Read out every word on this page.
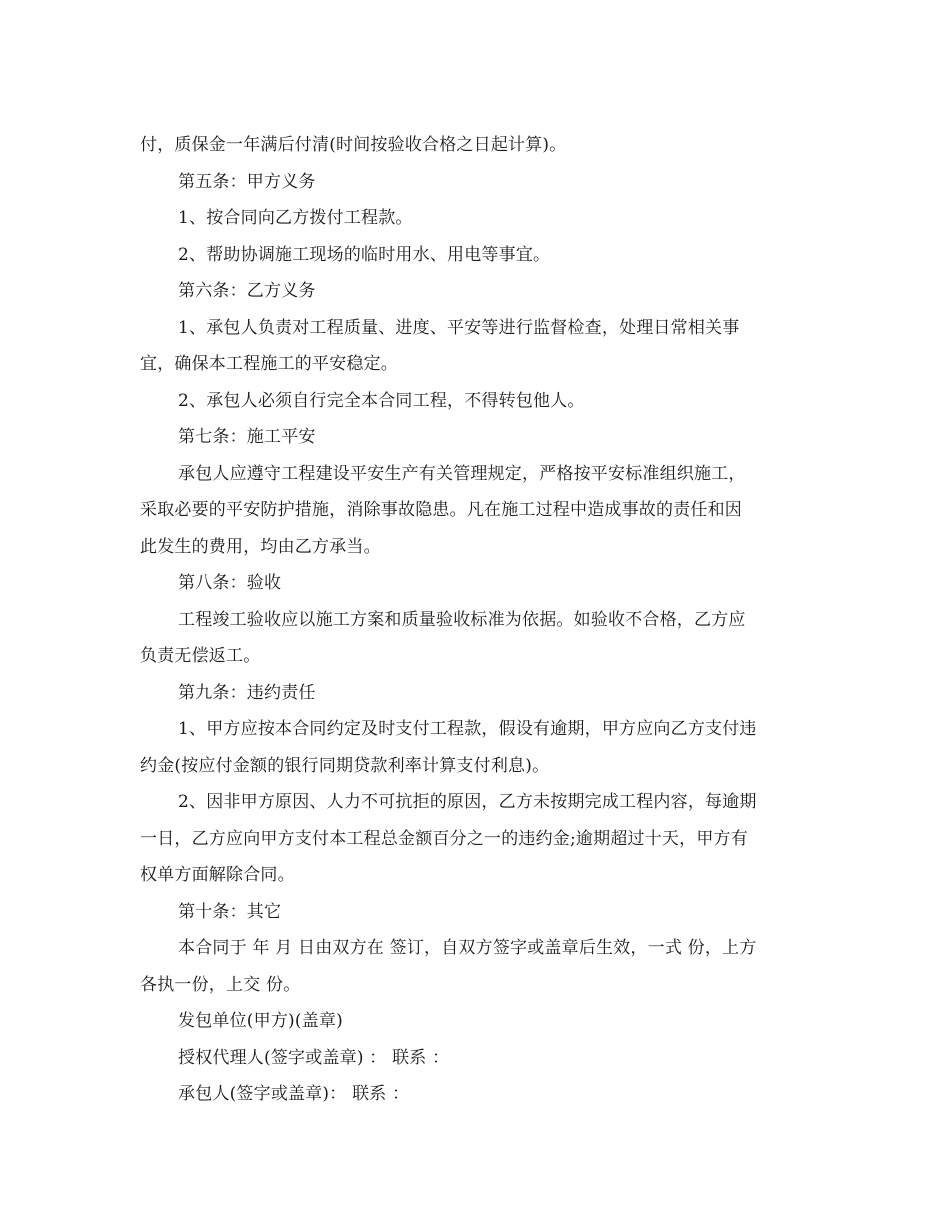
付，质保金一年满后付清(时间按验收合格之日起计算)。
第五条：甲方义务
1、按合同向乙方拨付工程款。
2、帮助协调施工现场的临时用水、用电等事宜。
第六条：乙方义务
1、承包人负责对工程质量、进度、平安等进行监督检查，处理日常相关事
宜，确保本工程施工的平安稳定。
2、承包人必须自行完全本合同工程，不得转包他人。
第七条：施工平安
承包人应遵守工程建设平安生产有关管理规定，严格按平安标准组织施工，
采取必要的平安防护措施，消除事故隐患。凡在施工过程中造成事故的责任和因
此发生的费用，均由乙方承当。
第八条：验收
工程竣工验收应以施工方案和质量验收标准为依据。如验收不合格，乙方应
负责无偿返工。
第九条：违约责任
1、甲方应按本合同约定及时支付工程款，假设有逾期，甲方应向乙方支付违
约金(按应付金额的银行同期贷款利率计算支付利息)。
2、因非甲方原因、人力不可抗拒的原因，乙方未按期完成工程内容，每逾期
一日，乙方应向甲方支付本工程总金额百分之一的违约金;逾期超过十天，甲方有
权单方面解除合同。
第十条：其它
本合同于 年 月 日由双方在 签订，自双方签字或盖章后生效，一式 份，上方
各执一份，上交 份。
发包单位(甲方)(盖章)
授权代理人(签字或盖章) ： 联系 ：
承包人(签字或盖章)： 联系 ：
